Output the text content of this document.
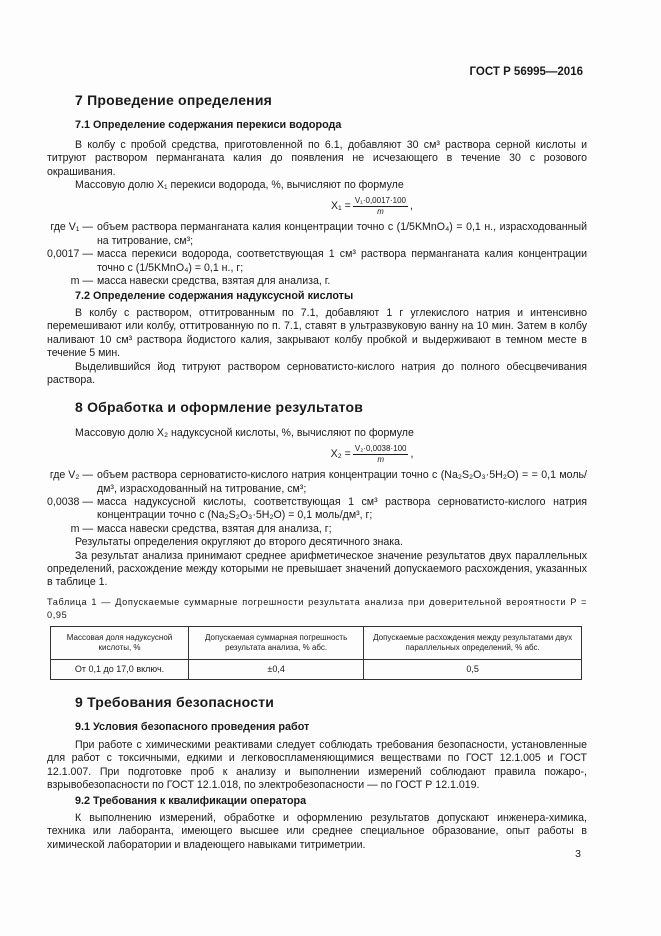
ГОСТ Р 56995—2016
7 Проведение определения
7.1 Определение содержания перекиси водорода

В колбу с пробой средства, приготовленной по 6.1, добавляют 30 см³ раствора серной кислоты и титруют раствором перманганата калия до появления не исчезающего в течение 30 с розового окрашивания.

Массовую долю X₁ перекиси водорода, %, вычисляют по формуле

$X_1 = \frac{\text{V₁·0,0017·100}}{m}$ ,
где V₁ — объем раствора перманганата калия концентрации точно c (1/5KMnO₄) = 0,1 н., израсходованный на титрование, см³;

0,0017 — масса перекиси водорода, соответствующая 1 см³ раствора перманганата калия концентрации точно c (1/5KMnO₄) = 0,1 н., г;

m — масса навески средства, взятая для анализа, г.

7.2 Определение содержания надуксусной кислоты

В колбу с раствором, оттитрованным по 7.1, добавляют 1 г углекислого натрия и интенсивно перемешивают или колбу, оттитрованную по п. 7.1, ставят в ультразвуковую ванну на 10 мин. Затем в колбу наливают 10 см³ раствора йодистого калия, закрывают колбу пробкой и выдерживают в темном месте в течение 5 мин.

Выделившийся йод титруют раствором серноватисто-кислого натрия до полного обесцвечивания раствора.

8 Обработка и оформление результатов

Массовую долю X₂ надуксусной кислоты, %, вычисляют по формуле

$X_2 = \frac{\text{V₂·0,0038·100}}{m}$ ,
где V₂ — объем раствора серноватисто-кислого натрия концентрации точно c (Na₂S₂O₃·5H₂O) = = 0,1 моль/дм³, израсходованный на титрование, см³;

0,0038 — масса надуксусной кислоты, соответствующая 1 см³ раствора серноватисто-кислого натрия концентрации точно c (Na₂S₂O₃·5H₂O) = 0,1 моль/дм³, г;

m — масса навески средства, взятая для анализа, г;

Результаты определения округляют до второго десятичного знака.

За результат анализа принимают среднее арифметическое значение результатов двух параллельных определений, расхождение между которыми не превышает значений допускаемого расхождения, указанных в таблице 1.

Таблица 1 — Допускаемые суммарные погрешности результата анализа при доверительной вероятности P = 0,95

Массовая доля надуксусной кислоты, %	Допускаемая суммарная погрешность результата анализа, % абс.	Допускаемые расхождения между результатами двух параллельных определений, % абс.
От 0,1 до 17,0 включ.	±0,4	0,5
9 Требования безопасности
9.1 Условия безопасного проведения работ

При работе с химическими реактивами следует соблюдать требования безопасности, установленные для работ с токсичными, едкими и легковоспламеняющимися веществами по ГОСТ 12.1.005 и ГОСТ 12.1.007. При подготовке проб к анализу и выполнении измерений соблюдают правила пожаро-, взрывобезопасности по ГОСТ 12.1.018, по электробезопасности — по ГОСТ Р 12.1.019.

9.2 Требования к квалификации оператора

К выполнению измерений, обработке и оформлению результатов допускают инженера-химика, техника или лаборанта, имеющего высшее или среднее специальное образование, опыт работы в химической лаборатории и владеющего навыками титриметрии.

3
